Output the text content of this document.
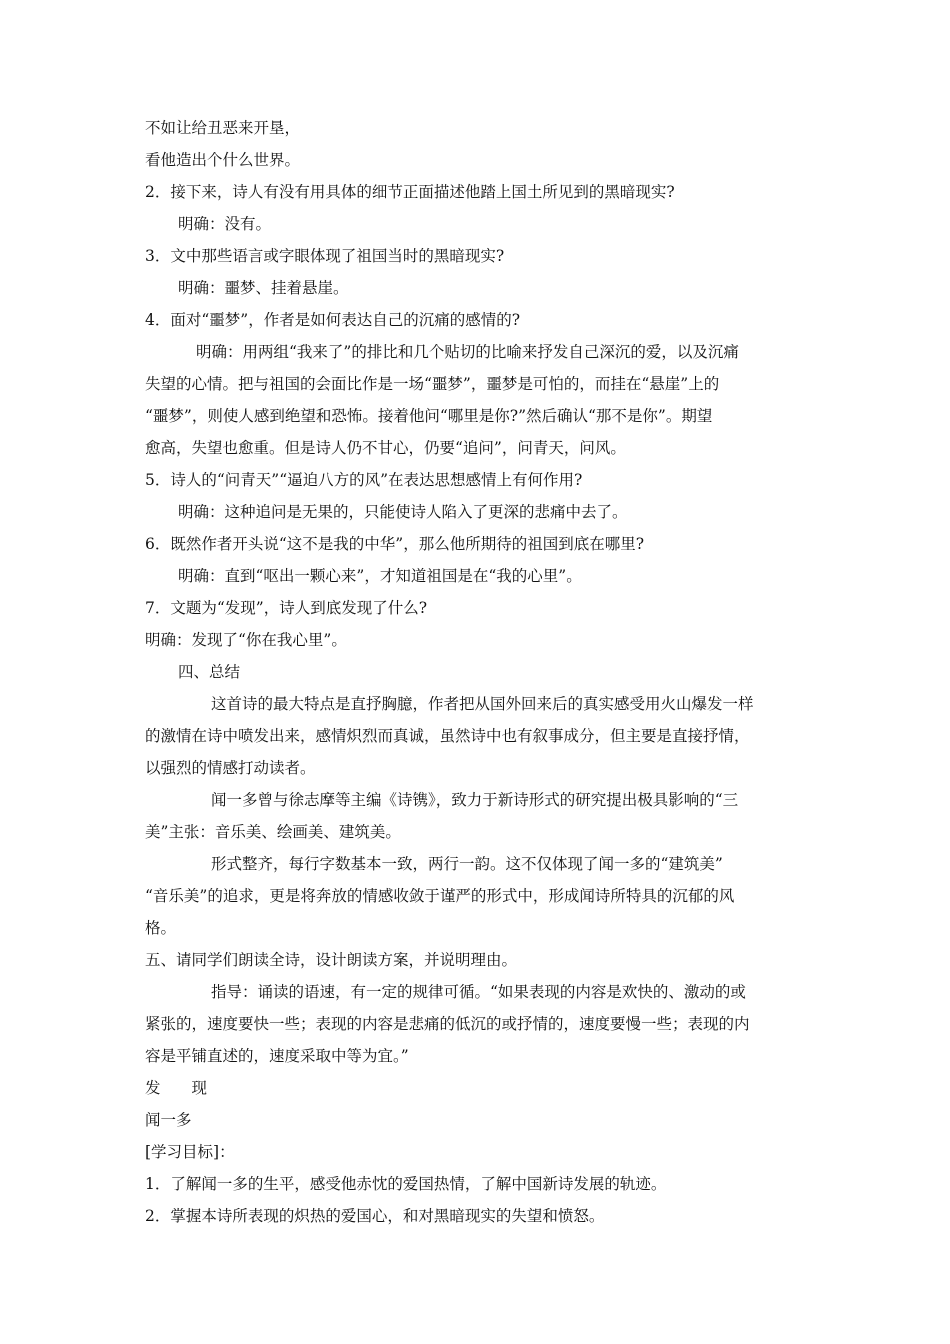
不如让给丑恶来开垦，
看他造出个什么世界。
2．接下来，诗人有没有用具体的细节正面描述他踏上国土所见到的黑暗现实?
明确：没有。
3．文中那些语言或字眼体现了祖国当时的黑暗现实?
明确：噩梦、挂着悬崖。
4．面对“噩梦”，作者是如何表达自己的沉痛的感情的?
明确：用两组“我来了”的排比和几个贴切的比喻来抒发自己深沉的爱，以及沉痛
失望的心情。把与祖国的会面比作是一场“噩梦”，噩梦是可怕的，而挂在“悬崖”上的
“噩梦”，则使人感到绝望和恐怖。接着他问“哪里是你?”然后确认“那不是你”。期望
愈高，失望也愈重。但是诗人仍不甘心，仍要“追问”，问青天，问风。
5．诗人的“问青天”“逼迫八方的风”在表达思想感情上有何作用?
明确：这种追问是无果的，只能使诗人陷入了更深的悲痛中去了。
6．既然作者开头说“这不是我的中华”，那么他所期待的祖国到底在哪里?
明确：直到“呕出一颗心来”，才知道祖国是在“我的心里”。
7．文题为“发现”，诗人到底发现了什么?
明确：发现了“你在我心里”。
四、总结
这首诗的最大特点是直抒胸臆，作者把从国外回来后的真实感受用火山爆发一样
的激情在诗中喷发出来，感情炽烈而真诚，虽然诗中也有叙事成分，但主要是直接抒情，
以强烈的情感打动读者。
闻一多曾与徐志摩等主编《诗镌》，致力于新诗形式的研究提出极具影响的“三
美”主张：音乐美、绘画美、建筑美。
形式整齐，每行字数基本一致，两行一韵。这不仅体现了闻一多的“建筑美”
“音乐美”的追求，更是将奔放的情感收敛于谨严的形式中，形成闻诗所特具的沉郁的风
格。
五、请同学们朗读全诗，设计朗读方案，并说明理由。
指导：诵读的语速，有一定的规律可循。“如果表现的内容是欢快的、激动的或
紧张的，速度要快一些；表现的内容是悲痛的低沉的或抒情的，速度要慢一些；表现的内
容是平铺直述的，速度采取中等为宜。”
发　　现
闻一多
[学习目标]：
1．了解闻一多的生平，感受他赤忱的爱国热情，了解中国新诗发展的轨迹。
2．掌握本诗所表现的炽热的爱国心，和对黑暗现实的失望和愤怒。
